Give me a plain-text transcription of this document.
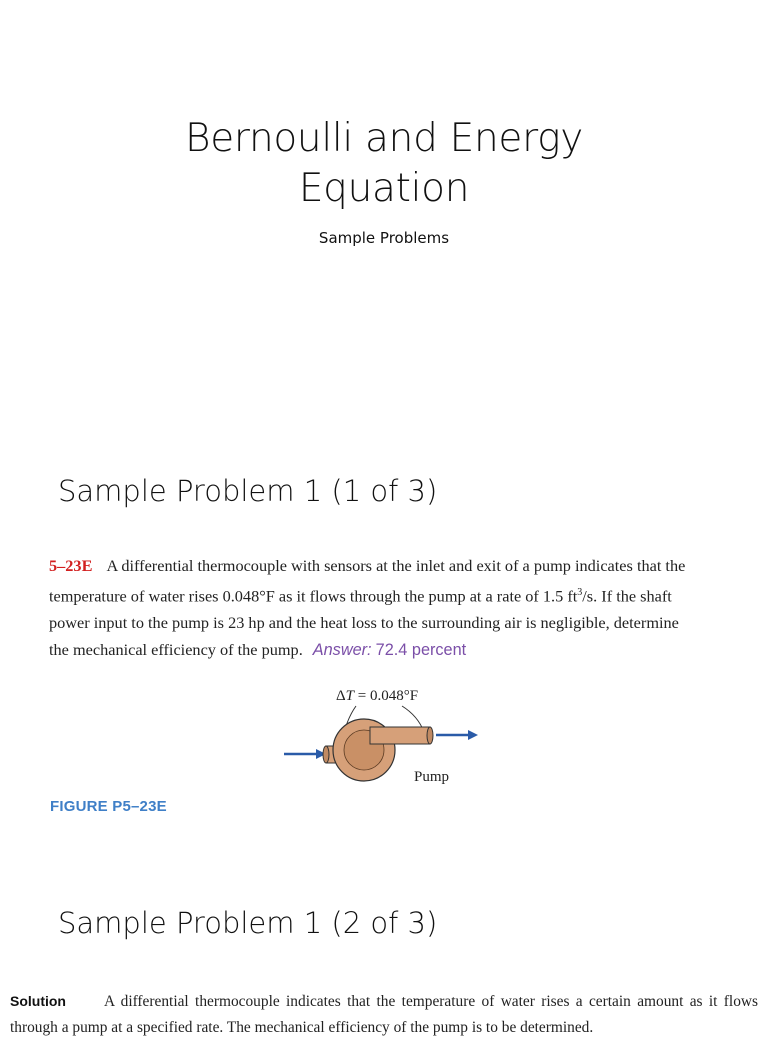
Bernoulli and Energy
Equation
Sample Problems
Sample Problem 1 (1 of 3)
5–23E A differential thermocouple with sensors at the inlet and exit of a pump indicates that the temperature of water rises 0.048°F as it flows through the pump at a rate of 1.5 $ft^3/s$. If the shaft power input to the pump is 23 hp and the heat loss to the surrounding air is negligible, determine the mechanical efficiency of the pump. Answer: 72.4 percent
ΔT = 0.048°F
Pump
FIGURE P5–23E
Sample Problem 1 (2 of 3)
Solution A differential thermocouple indicates that the temperature of water rises a certain amount as it flows through a pump at a specified rate. The mechanical efficiency of the pump is to be determined.
